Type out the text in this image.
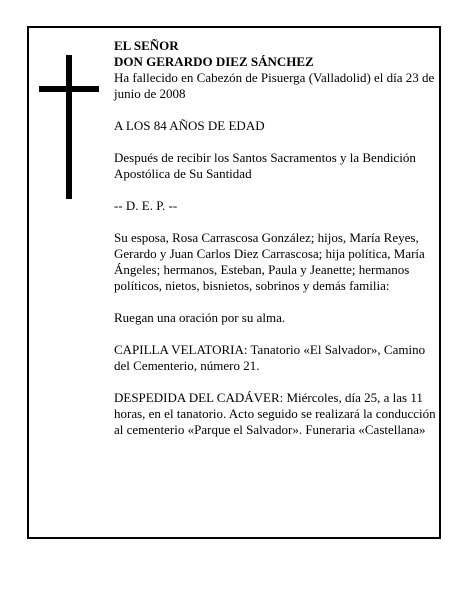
EL SEÑOR
DON GERARDO DIEZ SÁNCHEZ
Ha fallecido en Cabezón de Pisuerga (Valladolid) el día 23 de junio de 2008

A LOS 84 AÑOS DE EDAD

Después de recibir los Santos Sacramentos y la Bendición Apostólica de Su Santidad

-- D. E. P. --

Su esposa, Rosa Carrascosa González; hijos, María Reyes, Gerardo y Juan Carlos Diez Carrascosa; hija política, María Ángeles; hermanos, Esteban, Paula y Jeanette; hermanos políticos, nietos, bisnietos, sobrinos y demás familia:

Ruegan una oración por su alma.

CAPILLA VELATORIA: Tanatorio «El Salvador», Camino del Cementerio, número 21.

DESPEDIDA DEL CADÁVER: Miércoles, día 25, a las 11 horas, en el tanatorio. Acto seguido se realizará la conducción al cementerio «Parque el Salvador». Funeraria «Castellana»
